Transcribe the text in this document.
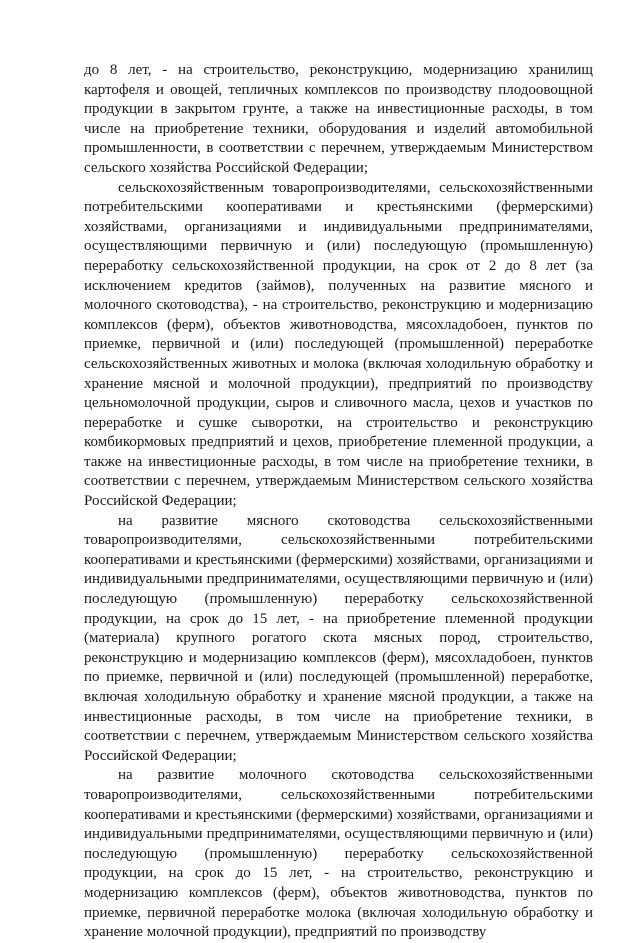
до 8 лет, - на строительство, реконструкцию, модернизацию хранилищ картофеля и овощей, тепличных комплексов по производству плодоовощной продукции в закрытом грунте, а также на инвестиционные расходы, в том числе на приобретение техники, оборудования и изделий автомобильной промышленности, в соответствии с перечнем, утверждаемым Министерством сельского хозяйства Российской Федерации;

сельскохозяйственным товаропроизводителями, сельскохозяйственными потребительскими кооперативами и крестьянскими (фермерскими) хозяйствами, организациями и индивидуальными предпринимателями, осуществляющими первичную и (или) последующую (промышленную) переработку сельскохозяйственной продукции, на срок от 2 до 8 лет (за исключением кредитов (займов), полученных на развитие мясного и молочного скотоводства), - на строительство, реконструкцию и модернизацию комплексов (ферм), объектов животноводства, мясохладобоен, пунктов по приемке, первичной и (или) последующей (промышленной) переработке сельскохозяйственных животных и молока (включая холодильную обработку и хранение мясной и молочной продукции), предприятий по производству цельномолочной продукции, сыров и сливочного масла, цехов и участков по переработке и сушке сыворотки, на строительство и реконструкцию комбикормовых предприятий и цехов, приобретение племенной продукции, а также на инвестиционные расходы, в том числе на приобретение техники, в соответствии с перечнем, утверждаемым Министерством сельского хозяйства Российской Федерации;

на развитие мясного скотоводства сельскохозяйственными товаропроизводителями, сельскохозяйственными потребительскими кооперативами и крестьянскими (фермерскими) хозяйствами, организациями и индивидуальными предпринимателями, осуществляющими первичную и (или) последующую (промышленную) переработку сельскохозяйственной продукции, на срок до 15 лет, - на приобретение племенной продукции (материала) крупного рогатого скота мясных пород, строительство, реконструкцию и модернизацию комплексов (ферм), мясохладобоен, пунктов по приемке, первичной и (или) последующей (промышленной) переработке, включая холодильную обработку и хранение мясной продукции, а также на инвестиционные расходы, в том числе на приобретение техники, в соответствии с перечнем, утверждаемым Министерством сельского хозяйства Российской Федерации;

на развитие молочного скотоводства сельскохозяйственными товаропроизводителями, сельскохозяйственными потребительскими кооперативами и крестьянскими (фермерскими) хозяйствами, организациями и индивидуальными предпринимателями, осуществляющими первичную и (или) последующую (промышленную) переработку сельскохозяйственной продукции, на срок до 15 лет, - на строительство, реконструкцию и модернизацию комплексов (ферм), объектов животноводства, пунктов по приемке, первичной переработке молока (включая холодильную обработку и хранение молочной продукции), предприятий по производству
